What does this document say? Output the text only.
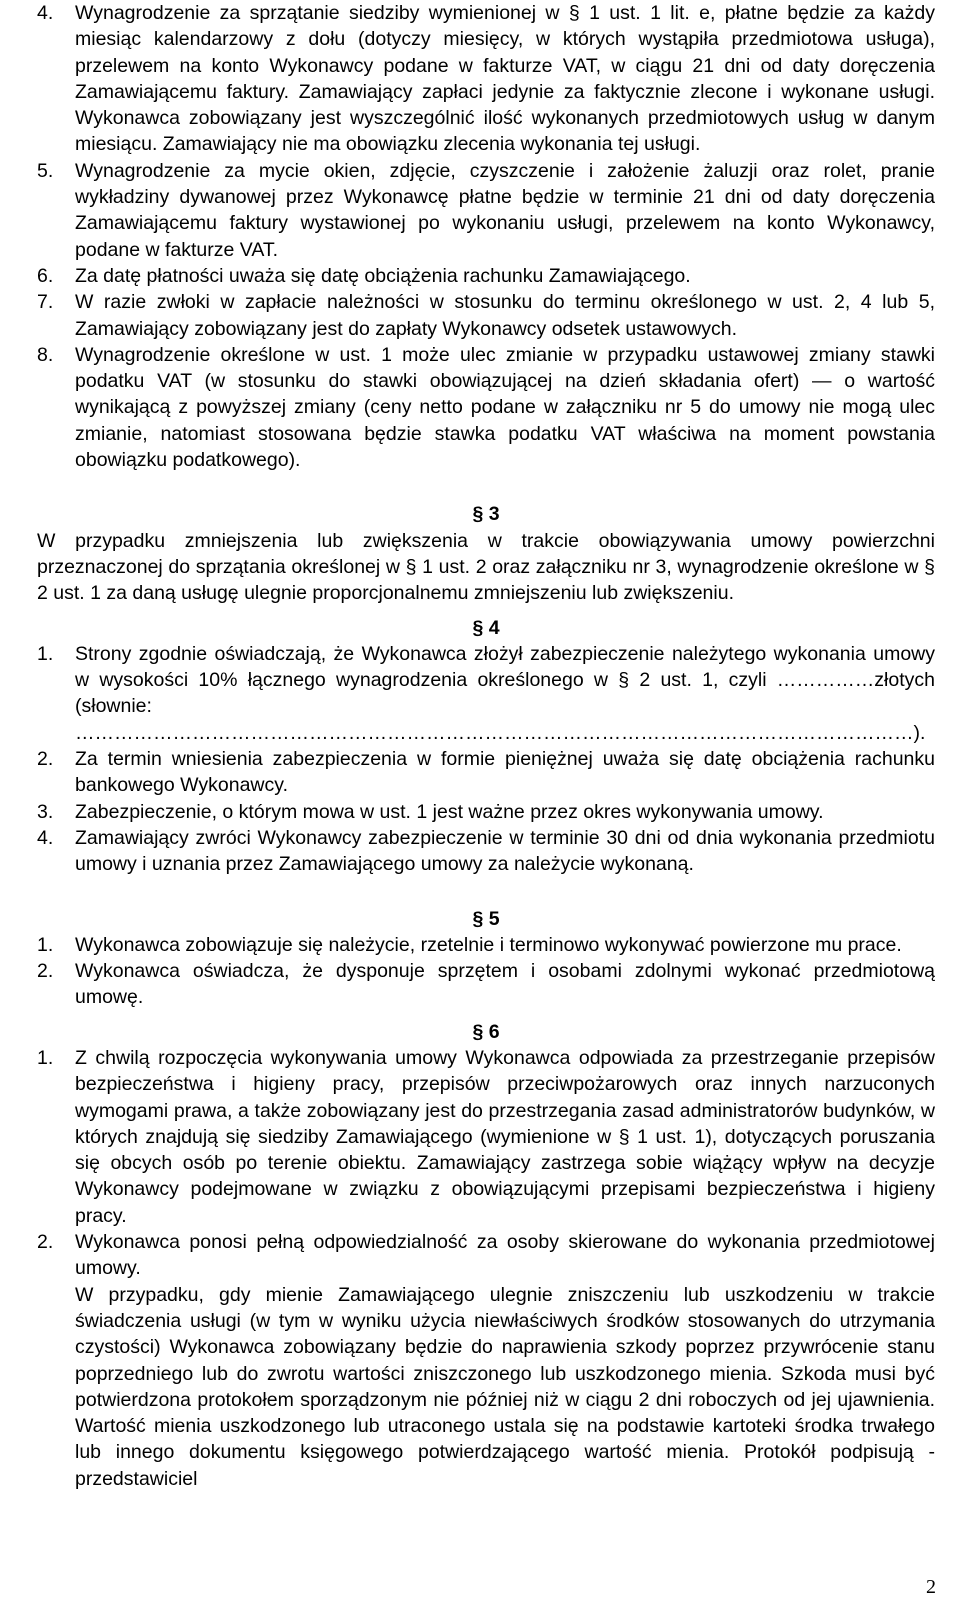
4.	Wynagrodzenie za sprzątanie siedziby wymienionej w § 1 ust. 1 lit. e, płatne będzie za każdy miesiąc kalendarzowy z dołu (dotyczy miesięcy, w których wystąpiła przedmiotowa usługa), przelewem na konto Wykonawcy podane w fakturze VAT, w ciągu 21 dni od daty doręczenia Zamawiającemu faktury. Zamawiający zapłaci jedynie za faktycznie zlecone i wykonane usługi. Wykonawca zobowiązany jest wyszczególnić ilość wykonanych przedmiotowych usług w danym miesiącu. Zamawiający nie ma obowiązku zlecenia wykonania tej usługi.
5.	Wynagrodzenie za mycie okien, zdjęcie, czyszczenie i założenie żaluzji oraz rolet, pranie wykładziny dywanowej przez Wykonawcę płatne będzie w terminie 21 dni od daty doręczenia Zamawiającemu faktury wystawionej po wykonaniu usługi, przelewem na konto Wykonawcy, podane w fakturze VAT.
6.	Za datę płatności uważa się datę obciążenia rachunku Zamawiającego.
7.	W razie zwłoki w zapłacie należności w stosunku do terminu określonego w ust. 2, 4 lub 5, Zamawiający zobowiązany jest do zapłaty Wykonawcy odsetek ustawowych.
8.	Wynagrodzenie określone w ust. 1 może ulec zmianie w przypadku ustawowej zmiany stawki podatku VAT (w stosunku do stawki obowiązującej na dzień składania ofert) — o wartość wynikającą z powyższej zmiany (ceny netto podane w załączniku nr 5 do umowy nie mogą ulec zmianie, natomiast stosowana będzie stawka podatku VAT właściwa na moment powstania obowiązku podatkowego).
§ 3
W przypadku zmniejszenia lub zwiększenia w trakcie obowiązywania umowy powierzchni przeznaczonej do sprzątania określonej w § 1 ust. 2 oraz załączniku nr 3, wynagrodzenie określone w § 2 ust. 1 za daną usługę ulegnie proporcjonalnemu zmniejszeniu lub zwiększeniu.
§ 4
1.	Strony zgodnie oświadczają, że Wykonawca złożył zabezpieczenie należytego wykonania umowy w wysokości 10% łącznego wynagrodzenia określonego w § 2 ust. 1, czyli ……………złotych (słownie: …………………………………………………………………………………………………………………).
2.	Za termin wniesienia zabezpieczenia w formie pieniężnej uważa się datę obciążenia rachunku bankowego Wykonawcy.
3.	Zabezpieczenie, o którym mowa w ust. 1 jest ważne przez okres wykonywania umowy.
4.	Zamawiający zwróci Wykonawcy zabezpieczenie w terminie 30 dni od dnia wykonania przedmiotu umowy i uznania przez Zamawiającego umowy za należycie wykonaną.
§ 5
1.	Wykonawca zobowiązuje się należycie, rzetelnie i terminowo wykonywać powierzone mu prace.
2.	Wykonawca oświadcza, że dysponuje sprzętem i osobami zdolnymi wykonać przedmiotową umowę.
§ 6
1.	Z chwilą rozpoczęcia wykonywania umowy Wykonawca odpowiada za przestrzeganie przepisów bezpieczeństwa i higieny pracy, przepisów przeciwpożarowych oraz innych narzuconych wymogami prawa, a także zobowiązany jest do przestrzegania zasad administratorów budynków, w których znajdują się siedziby Zamawiającego (wymienione w § 1 ust. 1), dotyczących poruszania się obcych osób po terenie obiektu. Zamawiający zastrzega sobie wiążący wpływ na decyzje Wykonawcy podejmowane w związku z obowiązującymi przepisami bezpieczeństwa i higieny pracy.
2.	Wykonawca ponosi pełną odpowiedzialność za osoby skierowane do wykonania przedmiotowej umowy.
W przypadku, gdy mienie Zamawiającego ulegnie zniszczeniu lub uszkodzeniu w trakcie świadczenia usługi (w tym w wyniku użycia niewłaściwych środków stosowanych do utrzymania czystości) Wykonawca zobowiązany będzie do naprawienia szkody poprzez przywrócenie stanu poprzedniego lub do zwrotu wartości zniszczonego lub uszkodzonego mienia. Szkoda musi być potwierdzona protokołem sporządzonym nie później niż w ciągu 2 dni roboczych od jej ujawnienia. Wartość mienia uszkodzonego lub utraconego ustala się na podstawie kartoteki środka trwałego lub innego dokumentu księgowego potwierdzającego wartość mienia. Protokół podpisują - przedstawiciel
2
